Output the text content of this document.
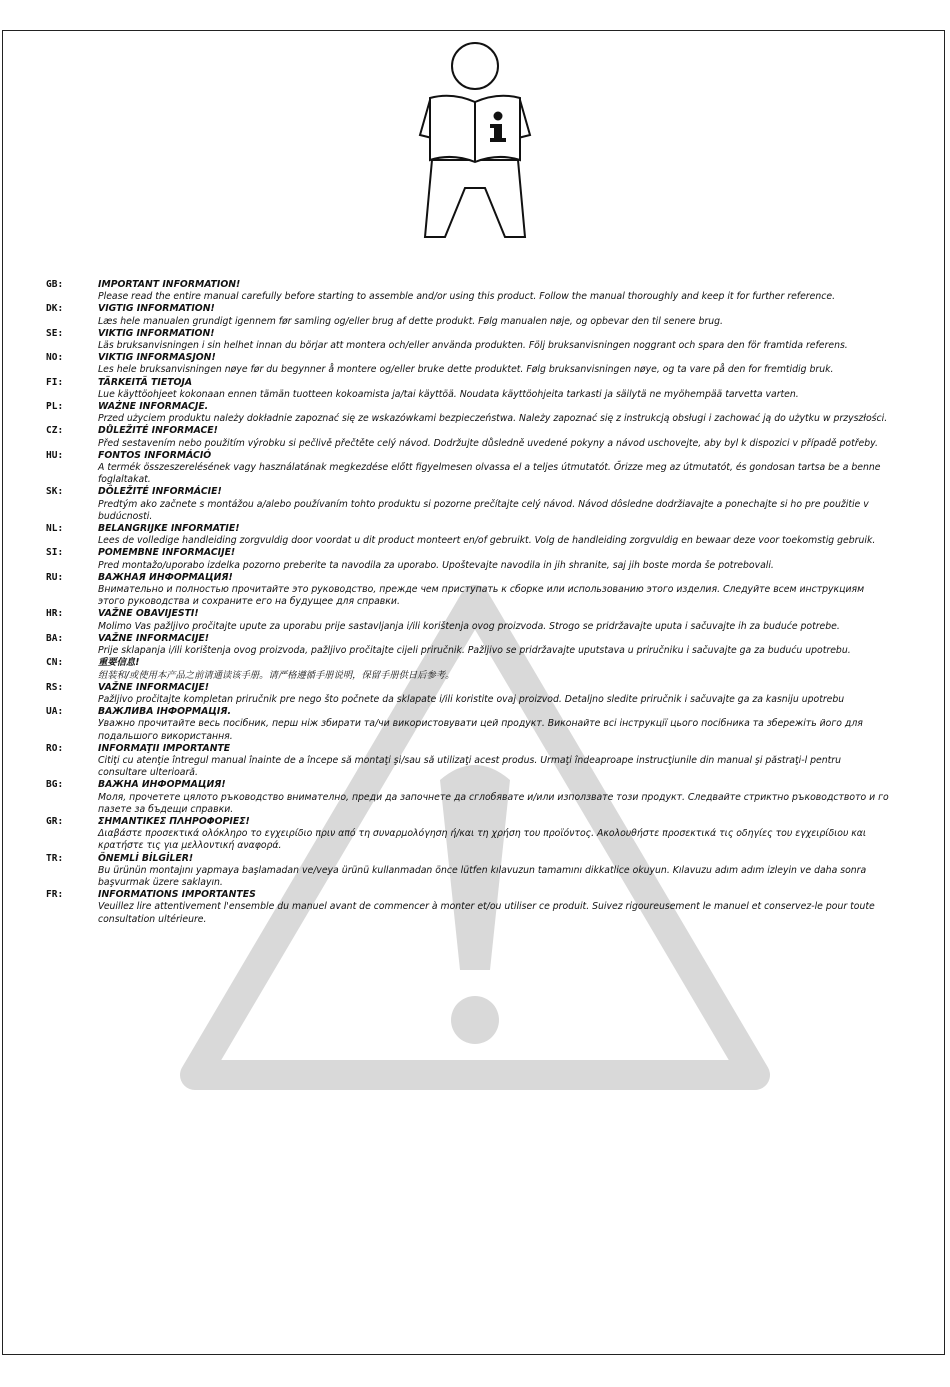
GB:	IMPORTANT INFORMATION!
Please read the entire manual carefully before starting to assemble and/or using this product. Follow the manual thoroughly and keep it for further reference.
DK:	VIGTIG INFORMATION!
Læs hele manualen grundigt igennem før samling og/eller brug af dette produkt. Følg manualen nøje, og opbevar den til senere brug.
SE:	VIKTIG INFORMATION!
Läs bruksanvisningen i sin helhet innan du börjar att montera och/eller använda produkten. Följ bruksanvisningen noggrant och spara den för framtida referens.
NO:	VIKTIG INFORMASJON!
Les hele bruksanvisningen nøye før du begynner å montere og/eller bruke dette produktet. Følg bruksanvisningen nøye, og ta vare på den for fremtidig bruk.
FI:	TÄRKEITÄ TIETOJA
Lue käyttöohjeet kokonaan ennen tämän tuotteen kokoamista ja/tai käyttöä. Noudata käyttöohjeita tarkasti ja säilytä ne myöhempää tarvetta varten.
PL:	WAŻNE INFORMACJE.
Przed użyciem produktu należy dokładnie zapoznać się ze wskazówkami bezpieczeństwa. Należy zapoznać się z instrukcją obsługi i zachować ją do użytku w przyszłości.
CZ:	DŮLEŽITÉ INFORMACE!
Před sestavením nebo použitím výrobku si pečlivě přečtěte celý návod. Dodržujte důsledně uvedené pokyny a návod uschovejte, aby byl k dispozici v případě potřeby.
HU:	FONTOS INFORMÁCIÓ
A termék összeszerelésének vagy használatának megkezdése előtt figyelmesen olvassa el a teljes útmutatót. Őrizze meg az útmutatót, és gondosan tartsa be a benne foglaltakat.
SK:	DÔLEŽITÉ INFORMÁCIE!
Predtým ako začnete s montážou a/alebo používaním tohto produktu si pozorne prečítajte celý návod. Návod dôsledne dodržiavajte a ponechajte si ho pre použitie v budúcnosti.
NL:	BELANGRIJKE INFORMATIE!
Lees de volledige handleiding zorgvuldig door voordat u dit product monteert en/of gebruikt. Volg de handleiding zorgvuldig en bewaar deze voor toekomstig gebruik.
SI:	POMEMBNE INFORMACIJE!
Pred montažo/uporabo izdelka pozorno preberite ta navodila za uporabo. Upoštevajte navodila in jih shranite, saj jih boste morda še potrebovali.
RU:	ВАЖНАЯ ИНФОРМАЦИЯ!
Внимательно и полностью прочитайте это руководство, прежде чем приступать к сборке или использованию этого изделия. Следуйте всем инструкциям этого руководства и сохраните его на будущее для справки.
HR:	VAŽNE OBAVIJESTI!
Molimo Vas pažljivo pročitajte upute za uporabu prije sastavljanja i/ili korištenja ovog proizvoda. Strogo se pridržavajte uputa i sačuvajte ih za buduće potrebe.
BA:	VAŽNE INFORMACIJE!
Prije sklapanja i/ili korištenja ovog proizvoda, pažljivo pročitajte cijeli priručnik. Pažljivo se pridržavajte uputstava u priručniku i sačuvajte ga za buduću upotrebu.
CN:	重要信息!
组装和/或使用本产品之前请通读该手册。请严格遵循手册说明，保留手册供日后参考。
RS:	VAŽNE INFORMACIJE!
Pažljivo pročitajte kompletan priručnik pre nego što počnete da sklapate i/ili koristite ovaj proizvod. Detaljno sledite priručnik i sačuvajte ga za kasniju upotrebu
UA:	ВАЖЛИВА ІНФОРМАЦІЯ.
Уважно прочитайте весь посібник, перш ніж збирати та/чи використовувати цей продукт. Виконайте всі інструкції цього посібника та збережіть його для подальшого використання.
RO:	INFORMAŢII IMPORTANTE
Citiţi cu atenţie întregul manual înainte de a începe să montaţi şi/sau să utilizaţi acest produs. Urmaţi îndeaproape instrucţiunile din manual şi păstraţi-l pentru consultare ulterioară.
BG:	ВАЖНА ИНФОРМАЦИЯ!
Моля, прочетете цялото ръководство внимателно, преди да започнете да сглобявате и/или използвате този продукт. Следвайте стриктно ръководството и го пазете за бъдещи справки.
GR:	ΣΗΜΑΝΤΙΚΕΣ ΠΛΗΡΟΦΟΡΙΕΣ!
Διαβάστε προσεκτικά ολόκληρο το εγχειρίδιο πριν από τη συναρμολόγηση ή/και τη χρήση του προϊόντος. Ακολουθήστε προσεκτικά τις οδηγίες του εγχειρίδιου και κρατήστε τις για μελλοντική αναφορά.
TR:	ÖNEMLİ BİLGİLER!
Bu ürünün montajını yapmaya başlamadan ve/veya ürünü kullanmadan önce lütfen kılavuzun tamamını dikkatlice okuyun. Kılavuzu adım adım izleyin ve daha sonra başvurmak üzere saklayın.
FR:	INFORMATIONS IMPORTANTES
Veuillez lire attentivement l'ensemble du manuel avant de commencer à monter et/ou utiliser ce produit. Suivez rigoureusement le manuel et conservez-le pour toute consultation ultérieure.
